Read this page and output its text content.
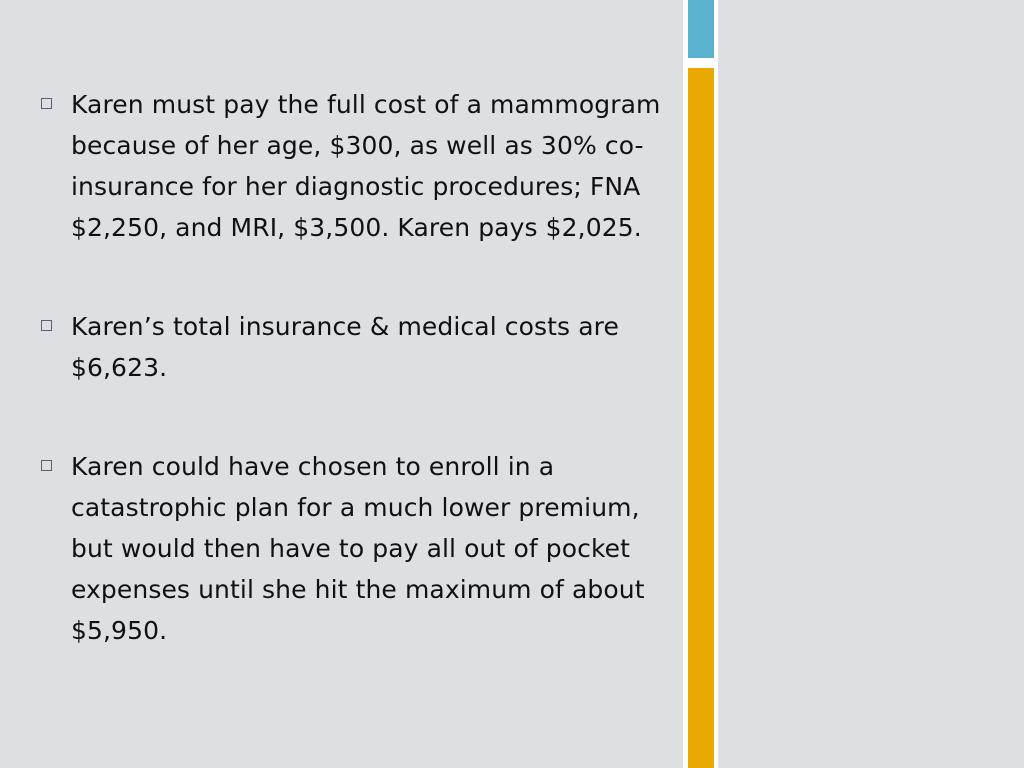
Karen must pay the full cost of a mammogram because of her age, $300, as well as 30% co-insurance for her diagnostic procedures; FNA $2,250, and MRI, $3,500. Karen pays $2,025.
Karen’s total insurance & medical costs are $6,623.
Karen could have chosen to enroll in a catastrophic plan for a much lower premium, but would then have to pay all out of pocket expenses until she hit the maximum of about $5,950.
